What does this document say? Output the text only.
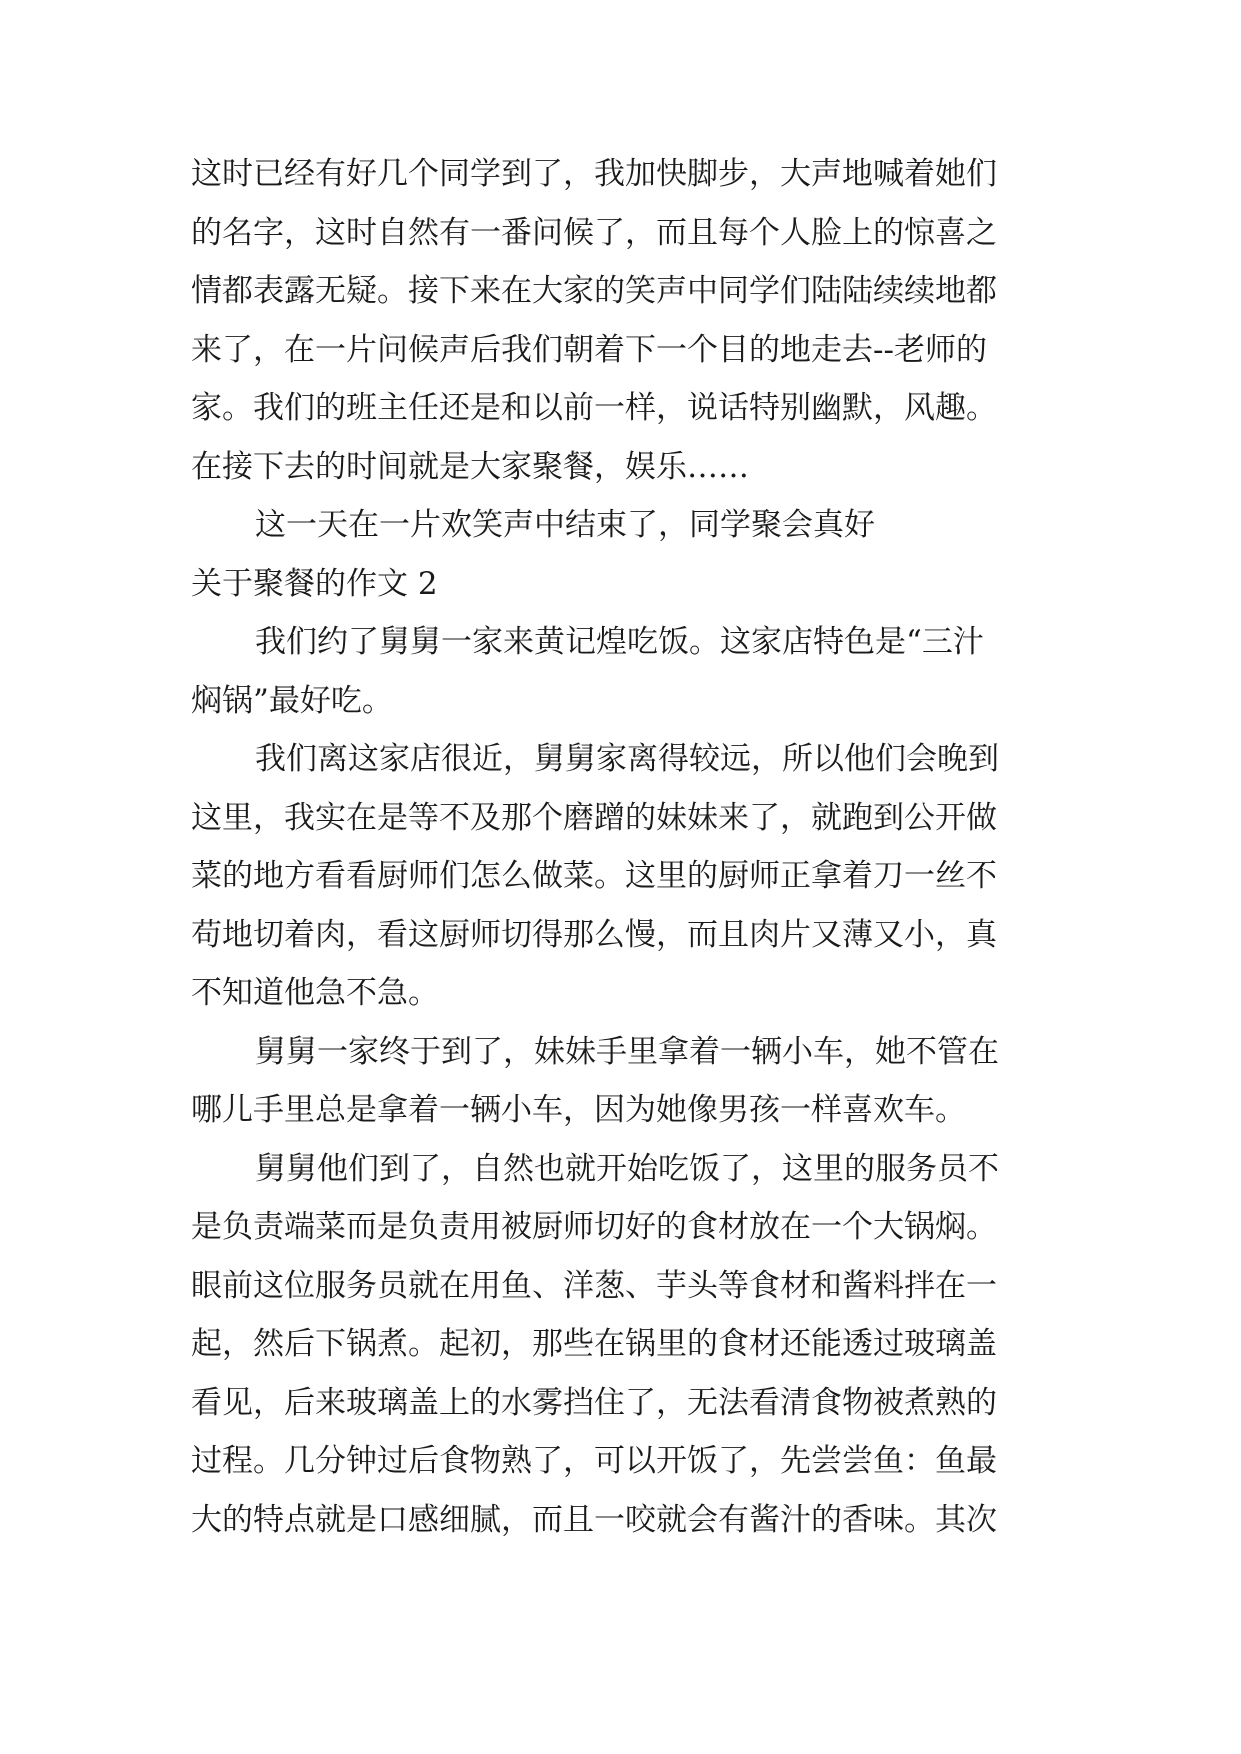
这时已经有好几个同学到了，我加快脚步，大声地喊着她们
的名字，这时自然有一番问候了，而且每个人脸上的惊喜之
情都表露无疑。接下来在大家的笑声中同学们陆陆续续地都
来了，在一片问候声后我们朝着下一个目的地走去--老师的
家。我们的班主任还是和以前一样，说话特别幽默，风趣。
在接下去的时间就是大家聚餐，娱乐……
这一天在一片欢笑声中结束了，同学聚会真好
关于聚餐的作文 2
我们约了舅舅一家来黄记煌吃饭。这家店特色是“三汁
焖锅”最好吃。
我们离这家店很近，舅舅家离得较远，所以他们会晚到
这里，我实在是等不及那个磨蹭的妹妹来了，就跑到公开做
菜的地方看看厨师们怎么做菜。这里的厨师正拿着刀一丝不
苟地切着肉，看这厨师切得那么慢，而且肉片又薄又小，真
不知道他急不急。
舅舅一家终于到了，妹妹手里拿着一辆小车，她不管在
哪儿手里总是拿着一辆小车，因为她像男孩一样喜欢车。
舅舅他们到了，自然也就开始吃饭了，这里的服务员不
是负责端菜而是负责用被厨师切好的食材放在一个大锅焖。
眼前这位服务员就在用鱼、洋葱、芋头等食材和酱料拌在一
起，然后下锅煮。起初，那些在锅里的食材还能透过玻璃盖
看见，后来玻璃盖上的水雾挡住了，无法看清食物被煮熟的
过程。几分钟过后食物熟了，可以开饭了，先尝尝鱼：鱼最
大的特点就是口感细腻，而且一咬就会有酱汁的香味。其次
